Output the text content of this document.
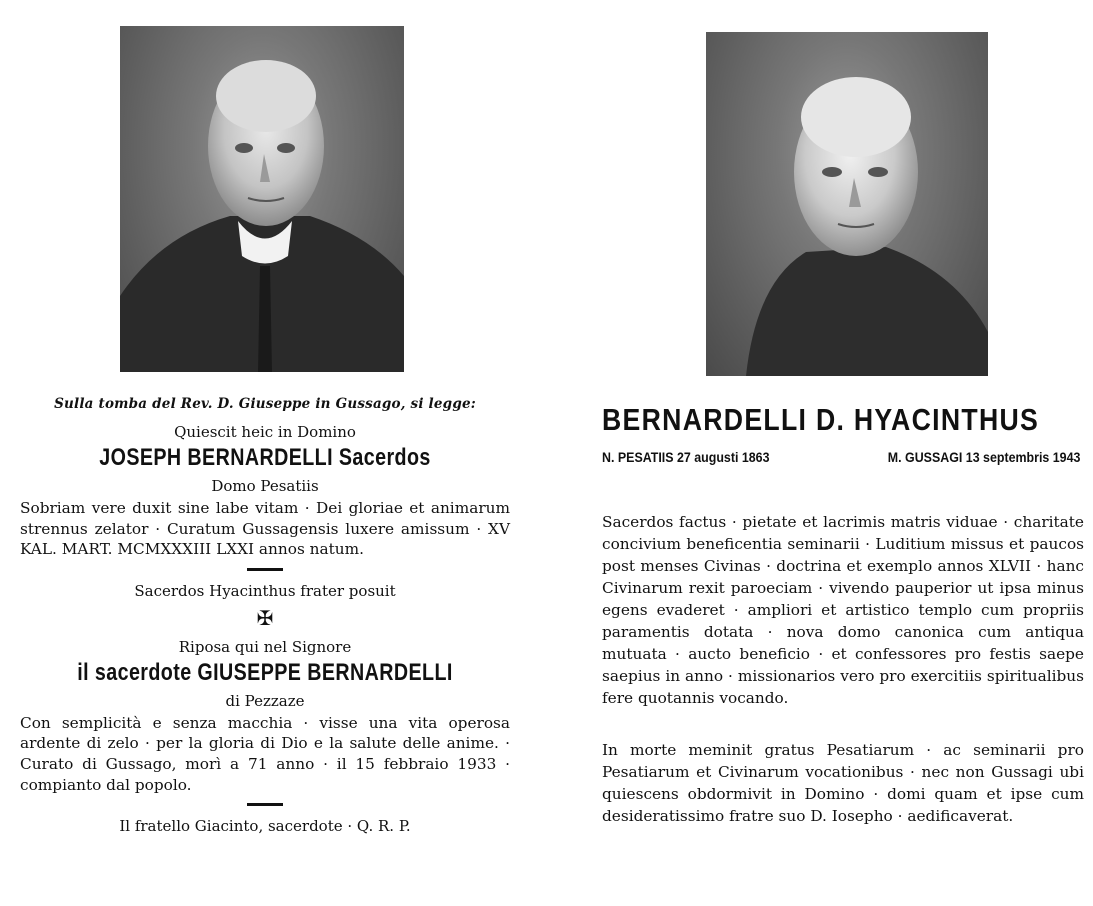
Sulla tomba del Rev. D. Giuseppe in Gussago, si legge:

Quiescit heic in Domino

JOSEPH BERNARDELLI Sacerdos

Domo Pesatiis

Sobriam vere duxit sine labe vitam · Dei gloriae et animarum strennus zelator · Curatum Gussagensis luxere amissum · XV KAL. MART. MCMXXXIII LXXI annos natum.

Sacerdos Hyacinthus frater posuit

✠

Riposa qui nel Signore

il sacerdote GIUSEPPE BERNARDELLI

di Pezzaze

Con semplicità e senza macchia · visse una vita operosa ardente di zelo · per la gloria di Dio e la salute delle anime. · Curato di Gussago, morì a 71 anno · il 15 febbraio 1933 · compianto dal popolo.

Il fratello Giacinto, sacerdote · Q. R. P.

BERNARDELLI D. HYACINTHUS
N. PESATIIS 27 augusti 1863	M. GUSSAGI 13 septembris 1943

Sacerdos factus · pietate et lacrimis matris viduae · charitate concivium beneficentia seminarii · Luditium missus et paucos post menses Civinas · doctrina et exemplo annos XLVII · hanc Civinarum rexit paroeciam · vivendo pauperior ut ipsa minus egens evaderet · ampliori et artistico templo cum propriis paramentis dotata · nova domo canonica cum antiqua mutuata · aucto beneficio · et confessores pro festis saepe saepius in anno · missionarios vero pro exercitiis spiritualibus fere quotannis vocando.

In morte meminit gratus Pesatiarum · ac seminarii pro Pesatiarum et Civinarum vocationibus · nec non Gussagi ubi quiescens obdormivit in Domino · domi quam et ipse cum desideratissimo fratre suo D. Iosepho · aedificaverat.
